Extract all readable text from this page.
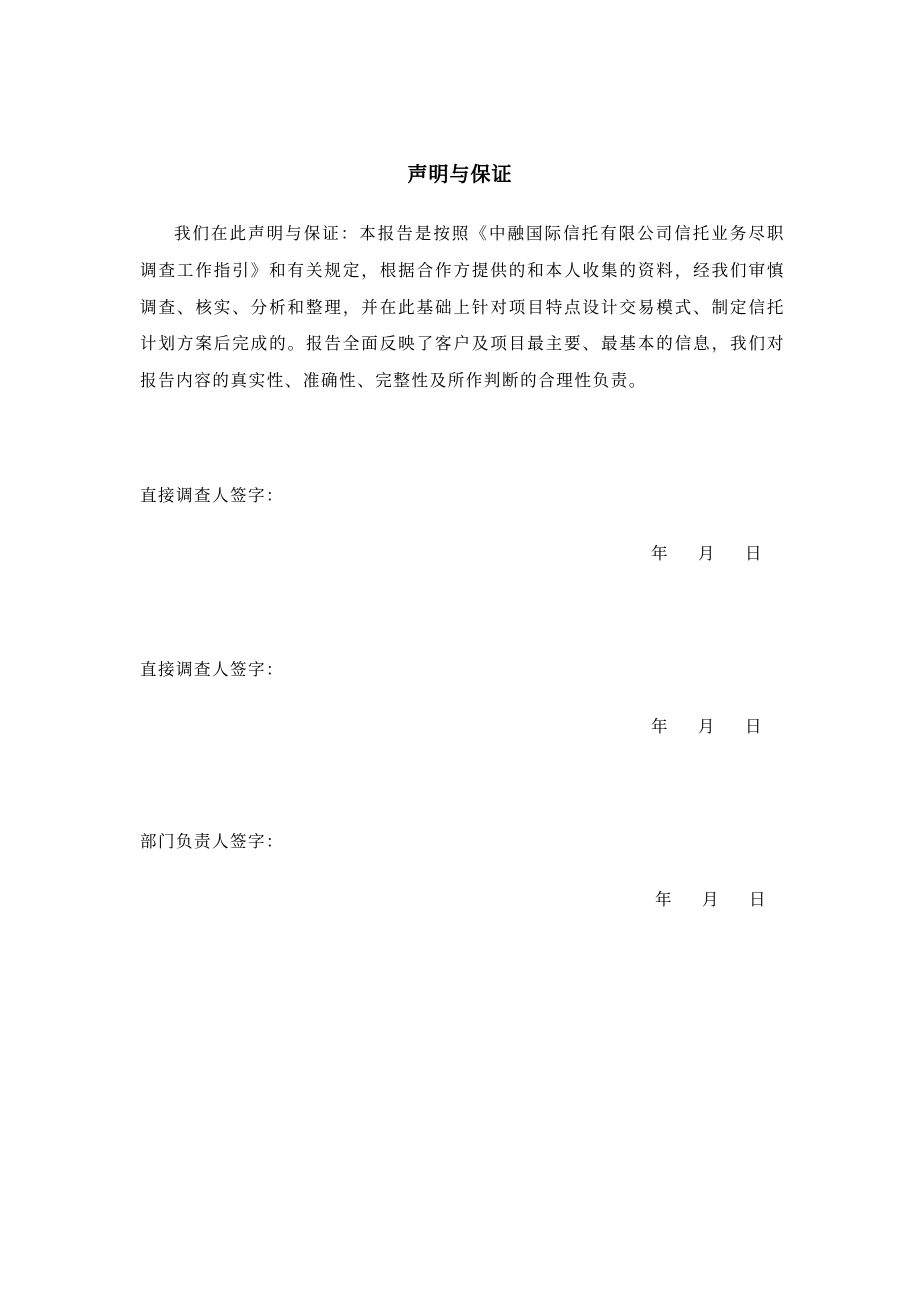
声明与保证

我们在此声明与保证：本报告是按照《中融国际信托有限公司信托业务尽职调查工作指引》和有关规定，根据合作方提供的和本人收集的资料，经我们审慎调查、核实、分析和整理，并在此基础上针对项目特点设计交易模式、制定信托计划方案后完成的。报告全面反映了客户及项目最主要、最基本的信息，我们对报告内容的真实性、准确性、完整性及所作判断的合理性负责。

直接调查人签字：
年 月 日
直接调查人签字：
年 月 日
部门负责人签字：
年 月 日
